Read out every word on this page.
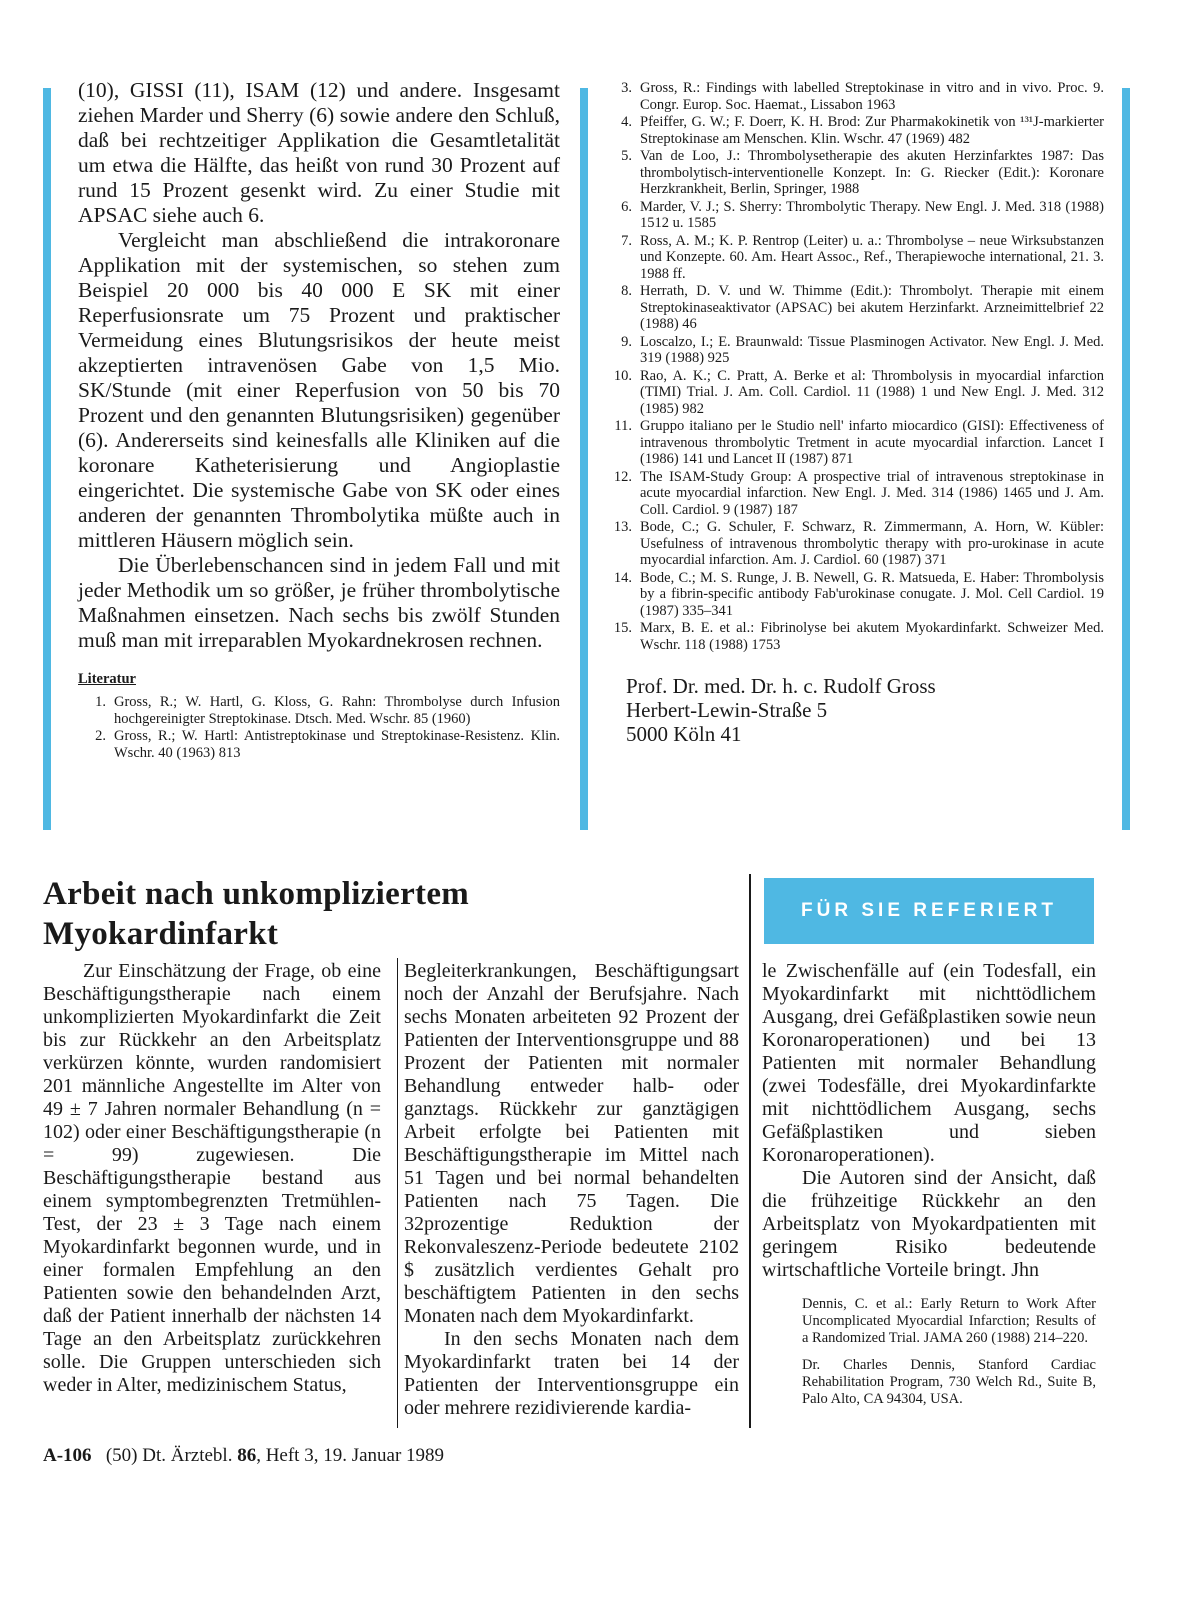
(10), GISSI (11), ISAM (12) und andere. Insgesamt ziehen Marder und Sherry (6) sowie andere den Schluß, daß bei rechtzeitiger Applikation die Gesamtletalität um etwa die Hälfte, das heißt von rund 30 Prozent auf rund 15 Prozent gesenkt wird. Zu einer Studie mit APSAC siehe auch 6.

Vergleicht man abschließend die intrakoronare Applikation mit der systemischen, so stehen zum Beispiel 20 000 bis 40 000 E SK mit einer Reperfusionsrate um 75 Prozent und praktischer Vermeidung eines Blutungsrisikos der heute meist akzeptierten intravenösen Gabe von 1,5 Mio. SK/Stunde (mit einer Reperfusion von 50 bis 70 Prozent und den genannten Blutungsrisiken) gegenüber (6). Andererseits sind keinesfalls alle Kliniken auf die koronare Katheterisierung und Angioplastie eingerichtet. Die systemische Gabe von SK oder eines anderen der genannten Thrombolytika müßte auch in mittleren Häusern möglich sein.

Die Überlebenschancen sind in jedem Fall und mit jeder Methodik um so größer, je früher thrombolytische Maßnahmen einsetzen. Nach sechs bis zwölf Stunden muß man mit irreparablen Myokardnekrosen rechnen.

Literatur

1. Gross, R.; W. Hartl, G. Kloss, G. Rahn: Thrombolyse durch Infusion hochgereinigter Streptokinase. Dtsch. Med. Wschr. 85 (1960)
2. Gross, R.; W. Hartl: Antistreptokinase und Streptokinase-Resistenz. Klin. Wschr. 40 (1963) 813
3. Gross, R.: Findings with labelled Streptokinase in vitro and in vivo. Proc. 9. Congr. Europ. Soc. Haemat., Lissabon 1963
4. Pfeiffer, G. W.; F. Doerr, K. H. Brod: Zur Pharmakokinetik von ¹³¹J-markierter Streptokinase am Menschen. Klin. Wschr. 47 (1969) 482
5. Van de Loo, J.: Thrombolysetherapie des akuten Herzinfarktes 1987: Das thrombolytisch-interventionelle Konzept. In: G. Riecker (Edit.): Koronare Herzkrankheit, Berlin, Springer, 1988
6. Marder, V. J.; S. Sherry: Thrombolytic Therapy. New Engl. J. Med. 318 (1988) 1512 u. 1585
7. Ross, A. M.; K. P. Rentrop (Leiter) u. a.: Thrombolyse – neue Wirksubstanzen und Konzepte. 60. Am. Heart Assoc., Ref., Therapiewoche international, 21. 3. 1988 ff.
8. Herrath, D. V. und W. Thimme (Edit.): Thrombolyt. Therapie mit einem Streptokinaseaktivator (APSAC) bei akutem Herzinfarkt. Arzneimittelbrief 22 (1988) 46
9. Loscalzo, I.; E. Braunwald: Tissue Plasminogen Activator. New Engl. J. Med. 319 (1988) 925
10. Rao, A. K.; C. Pratt, A. Berke et al: Thrombolysis in myocardial infarction (TIMI) Trial. J. Am. Coll. Cardiol. 11 (1988) 1 und New Engl. J. Med. 312 (1985) 982
11. Gruppo italiano per le Studio nell' infarto miocardico (GISI): Effectiveness of intravenous thrombolytic Tretment in acute myocardial infarction. Lancet I (1986) 141 und Lancet II (1987) 871
12. The ISAM-Study Group: A prospective trial of intravenous streptokinase in acute myocardial infarction. New Engl. J. Med. 314 (1986) 1465 und J. Am. Coll. Cardiol. 9 (1987) 187
13. Bode, C.; G. Schuler, F. Schwarz, R. Zimmermann, A. Horn, W. Kübler: Usefulness of intravenous thrombolytic therapy with pro-urokinase in acute myocardial infarction. Am. J. Cardiol. 60 (1987) 371
14. Bode, C.; M. S. Runge, J. B. Newell, G. R. Matsueda, E. Haber: Thrombolysis by a fibrin-specific antibody Fab'urokinase conugate. J. Mol. Cell Cardiol. 19 (1987) 335–341
15. Marx, B. E. et al.: Fibrinolyse bei akutem Myokardinfarkt. Schweizer Med. Wschr. 118 (1988) 1753
Prof. Dr. med. Dr. h. c. Rudolf Gross
Herbert-Lewin-Straße 5
5000 Köln 41
Arbeit nach unkompliziertem Myokardinfarkt
FÜR SIE REFERIERT

Zur Einschätzung der Frage, ob eine Beschäftigungstherapie nach einem unkomplizierten Myokardinfarkt die Zeit bis zur Rückkehr an den Arbeitsplatz verkürzen könnte, wurden randomisiert 201 männliche Angestellte im Alter von 49 ± 7 Jahren normaler Behandlung (n = 102) oder einer Beschäftigungstherapie (n = 99) zugewiesen. Die Beschäftigungstherapie bestand aus einem symptombegrenzten Tretmühlen-Test, der 23 ± 3 Tage nach einem Myokardinfarkt begonnen wurde, und in einer formalen Empfehlung an den Patienten sowie den behandelnden Arzt, daß der Patient innerhalb der nächsten 14 Tage an den Arbeitsplatz zurückkehren solle. Die Gruppen unterschieden sich weder in Alter, medizinischem Status,

Begleiterkrankungen, Beschäftigungsart noch der Anzahl der Berufsjahre. Nach sechs Monaten arbeiteten 92 Prozent der Patienten der Interventionsgruppe und 88 Prozent der Patienten mit normaler Behandlung entweder halb- oder ganztags. Rückkehr zur ganztägigen Arbeit erfolgte bei Patienten mit Beschäftigungstherapie im Mittel nach 51 Tagen und bei normal behandelten Patienten nach 75 Tagen. Die 32prozentige Reduktion der Rekonvaleszenz-Periode bedeutete 2102 $ zusätzlich verdientes Gehalt pro beschäftigtem Patienten in den sechs Monaten nach dem Myokardinfarkt.

In den sechs Monaten nach dem Myokardinfarkt traten bei 14 der Patienten der Interventionsgruppe ein oder mehrere rezidivierende kardia-

le Zwischenfälle auf (ein Todesfall, ein Myokardinfarkt mit nichttödlichem Ausgang, drei Gefäßplastiken sowie neun Koronaroperationen) und bei 13 Patienten mit normaler Behandlung (zwei Todesfälle, drei Myokardinfarkte mit nichttödlichem Ausgang, sechs Gefäßplastiken und sieben Koronaroperationen).

Die Autoren sind der Ansicht, daß die frühzeitige Rückkehr an den Arbeitsplatz von Myokardpatienten mit geringem Risiko bedeutende wirtschaftliche Vorteile bringt. Jhn

Dennis, C. et al.: Early Return to Work After Uncomplicated Myocardial Infarction; Results of a Randomized Trial. JAMA 260 (1988) 214–220.

Dr. Charles Dennis, Stanford Cardiac Rehabilitation Program, 730 Welch Rd., Suite B, Palo Alto, CA 94304, USA.

A-106 (50) Dt. Ärztebl. 86, Heft 3, 19. Januar 1989
